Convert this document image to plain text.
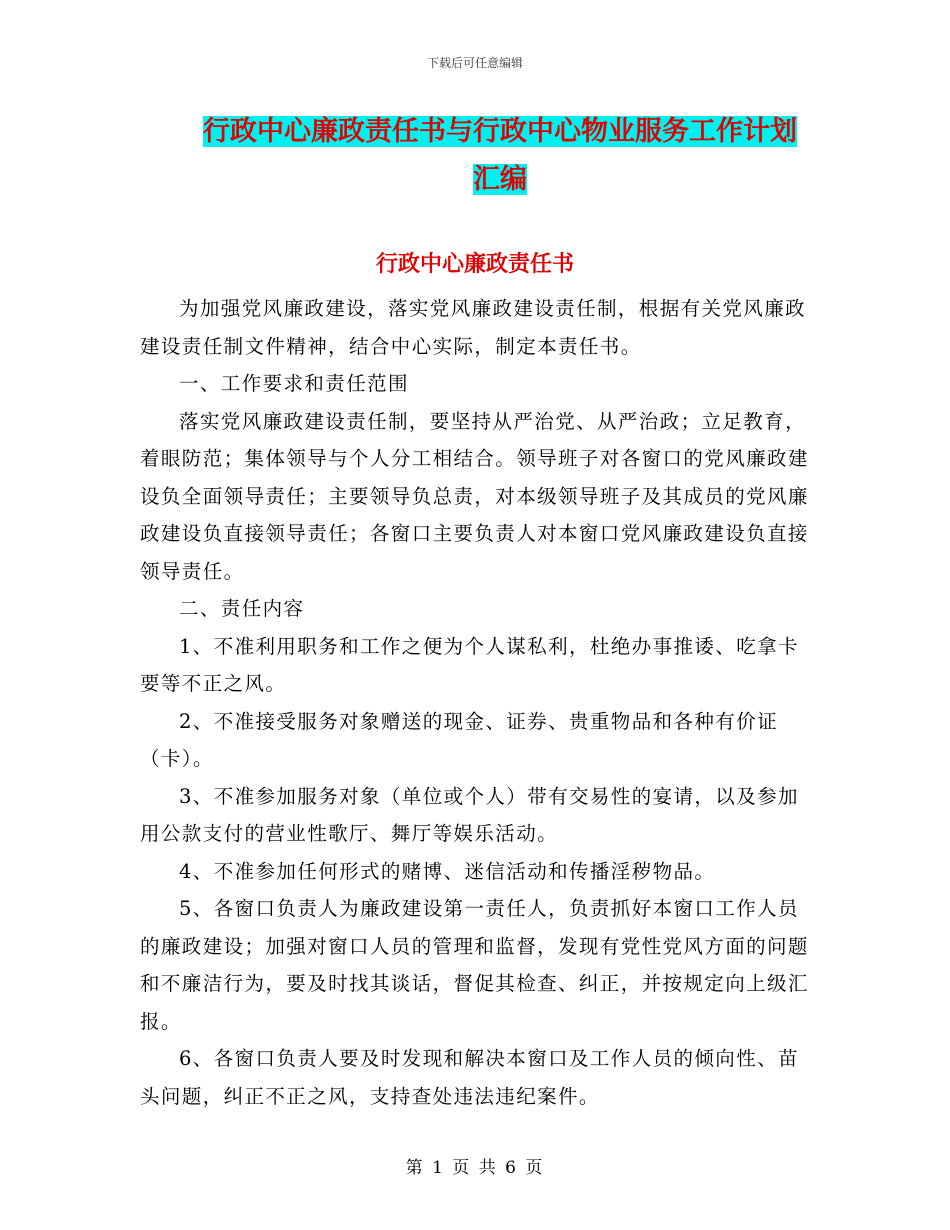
下载后可任意编辑
行政中心廉政责任书与行政中心物业服务工作计划汇编
行政中心廉政责任书

为加强党风廉政建设，落实党风廉政建设责任制，根据有关党风廉政建设责任制文件精神，结合中心实际，制定本责任书。

一、工作要求和责任范围

落实党风廉政建设责任制，要坚持从严治党、从严治政；立足教育，着眼防范；集体领导与个人分工相结合。领导班子对各窗口的党风廉政建设负全面领导责任；主要领导负总责，对本级领导班子及其成员的党风廉政建设负直接领导责任；各窗口主要负责人对本窗口党风廉政建设负直接领导责任。

二、责任内容

1、不准利用职务和工作之便为个人谋私利，杜绝办事推诿、吃拿卡要等不正之风。

2、不准接受服务对象赠送的现金、证券、贵重物品和各种有价证（卡）。

3、不准参加服务对象（单位或个人）带有交易性的宴请，以及参加用公款支付的营业性歌厅、舞厅等娱乐活动。

4、不准参加任何形式的赌博、迷信活动和传播淫秽物品。

5、各窗口负责人为廉政建设第一责任人，负责抓好本窗口工作人员的廉政建设；加强对窗口人员的管理和监督，发现有党性党风方面的问题和不廉洁行为，要及时找其谈话，督促其检查、纠正，并按规定向上级汇报。

6、各窗口负责人要及时发现和解决本窗口及工作人员的倾向性、苗头问题，纠正不正之风，支持查处违法违纪案件。

第 1 页 共 6 页
